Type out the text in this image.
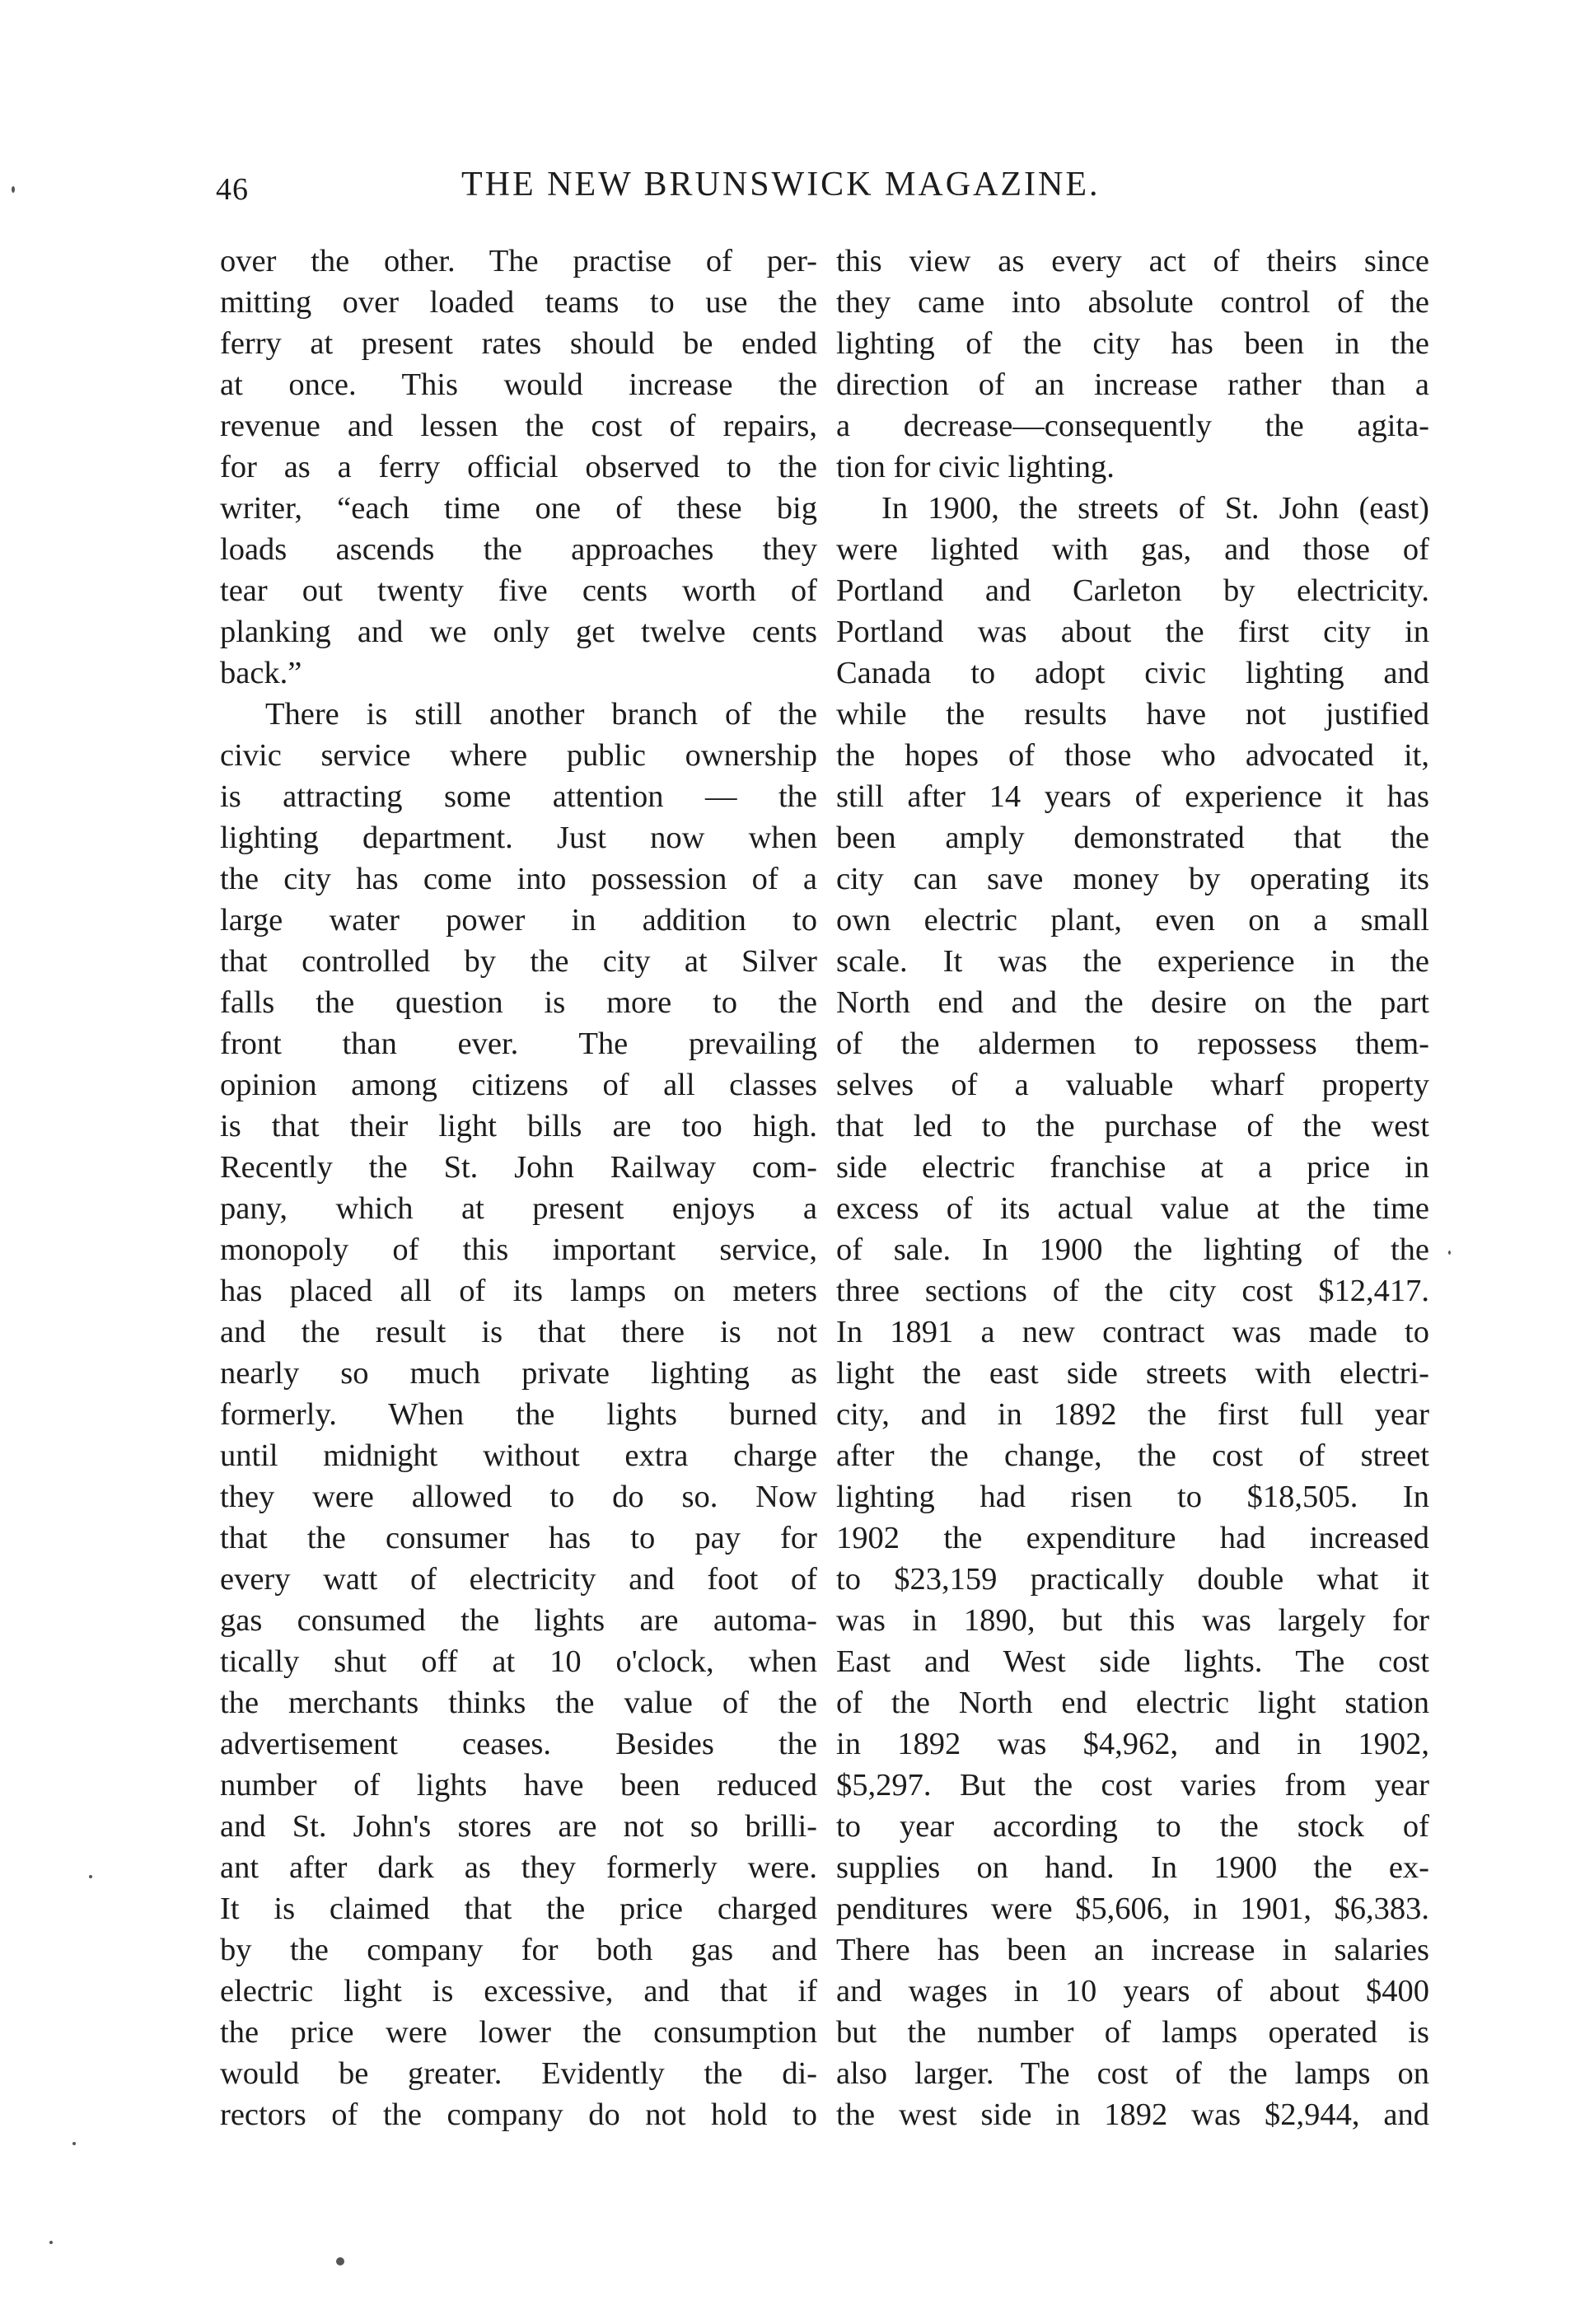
46	THE NEW BRUNSWICK MAGAZINE.
over the other. The practise of per-
mitting over loaded teams to use the
ferry at present rates should be ended
at once. This would increase the
revenue and lessen the cost of repairs,
for as a ferry official observed to the
writer, “each time one of these big
loads ascends the approaches they
tear out twenty five cents worth of
planking and we only get twelve cents
back.”
There is still another branch of the
civic service where public ownership
is attracting some attention — the
lighting department. Just now when
the city has come into possession of a
large water power in addition to
that controlled by the city at Silver
falls the question is more to the
front than ever. The prevailing
opinion among citizens of all classes
is that their light bills are too high.
Recently the St. John Railway com-
pany, which at present enjoys a
monopoly of this important service,
has placed all of its lamps on meters
and the result is that there is not
nearly so much private lighting as
formerly. When the lights burned
until midnight without extra charge
they were allowed to do so. Now
that the consumer has to pay for
every watt of electricity and foot of
gas consumed the lights are automa-
tically shut off at 10 o'clock, when
the merchants thinks the value of the
advertisement ceases. Besides the
number of lights have been reduced
and St. John's stores are not so brilli-
ant after dark as they formerly were.
It is claimed that the price charged
by the company for both gas and
electric light is excessive, and that if
the price were lower the consumption
would be greater. Evidently the di-
rectors of the company do not hold to
this view as every act of theirs since
they came into absolute control of the
lighting of the city has been in the
direction of an increase rather than a
a decrease—consequently the agita-
tion for civic lighting.
In 1900, the streets of St. John (east)
were lighted with gas, and those of
Portland and Carleton by electricity.
Portland was about the first city in
Canada to adopt civic lighting and
while the results have not justified
the hopes of those who advocated it,
still after 14 years of experience it has
been amply demonstrated that the
city can save money by operating its
own electric plant, even on a small
scale. It was the experience in the
North end and the desire on the part
of the aldermen to repossess them-
selves of a valuable wharf property
that led to the purchase of the west
side electric franchise at a price in
excess of its actual value at the time
of sale. In 1900 the lighting of the
three sections of the city cost $12,417.
In 1891 a new contract was made to
light the east side streets with electri-
city, and in 1892 the first full year
after the change, the cost of street
lighting had risen to $18,505. In
1902 the expenditure had increased
to $23,159 practically double what it
was in 1890, but this was largely for
East and West side lights. The cost
of the North end electric light station
in 1892 was $4,962, and in 1902,
$5,297. But the cost varies from year
to year according to the stock of
supplies on hand. In 1900 the ex-
penditures were $5,606, in 1901, $6,383.
There has been an increase in salaries
and wages in 10 years of about $400
but the number of lamps operated is
also larger. The cost of the lamps on
the west side in 1892 was $2,944, and
